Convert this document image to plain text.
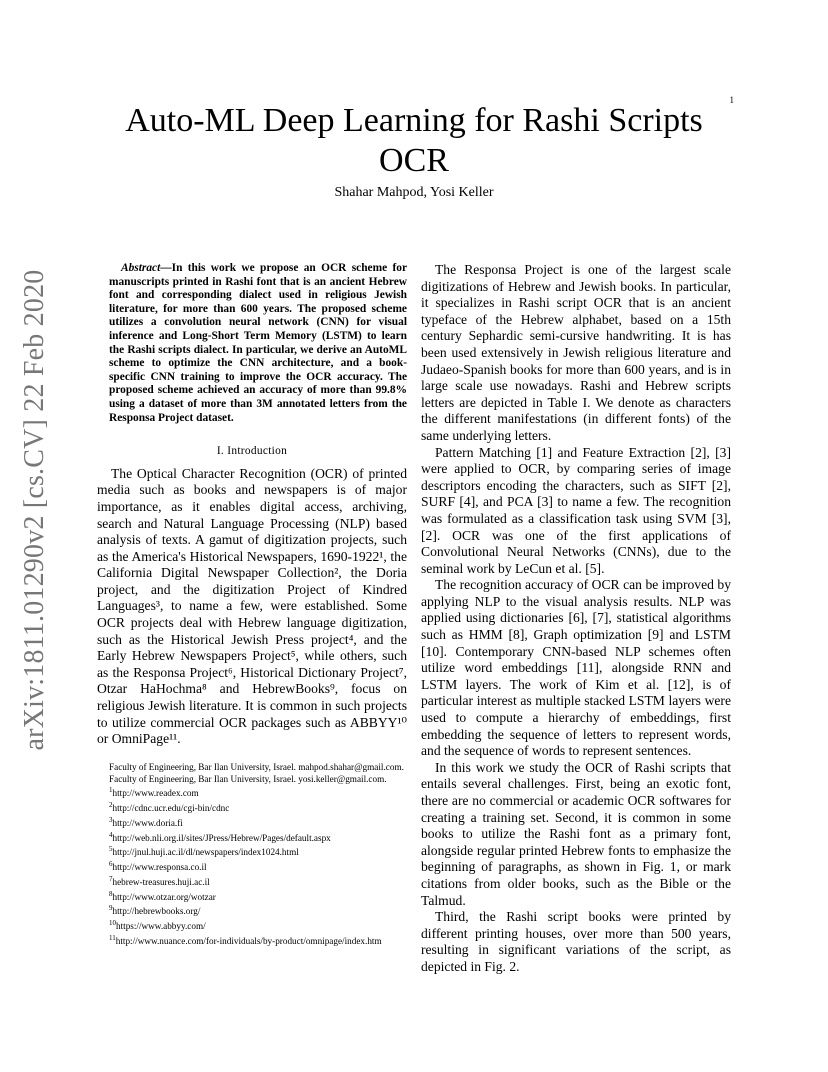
1
arXiv:1811.01290v2 [cs.CV] 22 Feb 2020
Auto-ML Deep Learning for Rashi Scripts
OCR
Shahar Mahpod, Yosi Keller
Abstract—In this work we propose an OCR scheme for manuscripts printed in Rashi font that is an ancient Hebrew font and corresponding dialect used in religious Jewish literature, for more than 600 years. The proposed scheme utilizes a convolution neural network (CNN) for visual inference and Long-Short Term Memory (LSTM) to learn the Rashi scripts dialect. In particular, we derive an AutoML scheme to optimize the CNN architecture, and a book-specific CNN training to improve the OCR accuracy. The proposed scheme achieved an accuracy of more than 99.8% using a dataset of more than 3M annotated letters from the Responsa Project dataset.
I. Introduction

The Optical Character Recognition (OCR) of printed media such as books and newspapers is of major importance, as it enables digital access, archiving, search and Natural Language Processing (NLP) based analysis of texts. A gamut of digitization projects, such as the America's Historical Newspapers, 1690-1922¹, the California Digital Newspaper Collection², the Doria project, and the digitization Project of Kindred Languages³, to name a few, were established. Some OCR projects deal with Hebrew language digitization, such as the Historical Jewish Press project⁴, and the Early Hebrew Newspapers Project⁵, while others, such as the Responsa Project⁶, Historical Dictionary Project⁷, Otzar HaHochma⁸ and HebrewBooks⁹, focus on religious Jewish literature. It is common in such projects to utilize commercial OCR packages such as ABBYY¹⁰ or OmniPage¹¹.

Faculty of Engineering, Bar Ilan University, Israel. mahpod.shahar@gmail.com.
Faculty of Engineering, Bar Ilan University, Israel. yosi.keller@gmail.com.
$^1$http://www.readex.com
$^2$http://cdnc.ucr.edu/cgi-bin/cdnc
$^3$http://www.doria.fi
$^4$http://web.nli.org.il/sites/JPress/Hebrew/Pages/default.aspx
$^5$http://jnul.huji.ac.il/dl/newspapers/index1024.html
$^6$http://www.responsa.co.il
$^7$hebrew-treasures.huji.ac.il
$^8$http://www.otzar.org/wotzar
$^9$http://hebrewbooks.org/
$^{10}$https://www.abbyy.com/
$^{11}$http://www.nuance.com/for-individuals/by-product/omnipage/index.htm

The Responsa Project is one of the largest scale digitizations of Hebrew and Jewish books. In particular, it specializes in Rashi script OCR that is an ancient typeface of the Hebrew alphabet, based on a 15th century Sephardic semi-cursive handwriting. It is has been used extensively in Jewish religious literature and Judaeo-Spanish books for more than 600 years, and is in large scale use nowadays. Rashi and Hebrew scripts letters are depicted in Table I. We denote as characters the different manifestations (in different fonts) of the same underlying letters.

Pattern Matching [1] and Feature Extraction [2], [3] were applied to OCR, by comparing series of image descriptors encoding the characters, such as SIFT [2], SURF [4], and PCA [3] to name a few. The recognition was formulated as a classification task using SVM [3], [2]. OCR was one of the first applications of Convolutional Neural Networks (CNNs), due to the seminal work by LeCun et al. [5].

The recognition accuracy of OCR can be improved by applying NLP to the visual analysis results. NLP was applied using dictionaries [6], [7], statistical algorithms such as HMM [8], Graph optimization [9] and LSTM [10]. Contemporary CNN-based NLP schemes often utilize word embeddings [11], alongside RNN and LSTM layers. The work of Kim et al. [12], is of particular interest as multiple stacked LSTM layers were used to compute a hierarchy of embeddings, first embedding the sequence of letters to represent words, and the sequence of words to represent sentences.

In this work we study the OCR of Rashi scripts that entails several challenges. First, being an exotic font, there are no commercial or academic OCR softwares for creating a training set. Second, it is common in some books to utilize the Rashi font as a primary font, alongside regular printed Hebrew fonts to emphasize the beginning of paragraphs, as shown in Fig. 1, or mark citations from older books, such as the Bible or the Talmud.

Third, the Rashi script books were printed by different printing houses, over more than 500 years, resulting in significant variations of the script, as depicted in Fig. 2.
